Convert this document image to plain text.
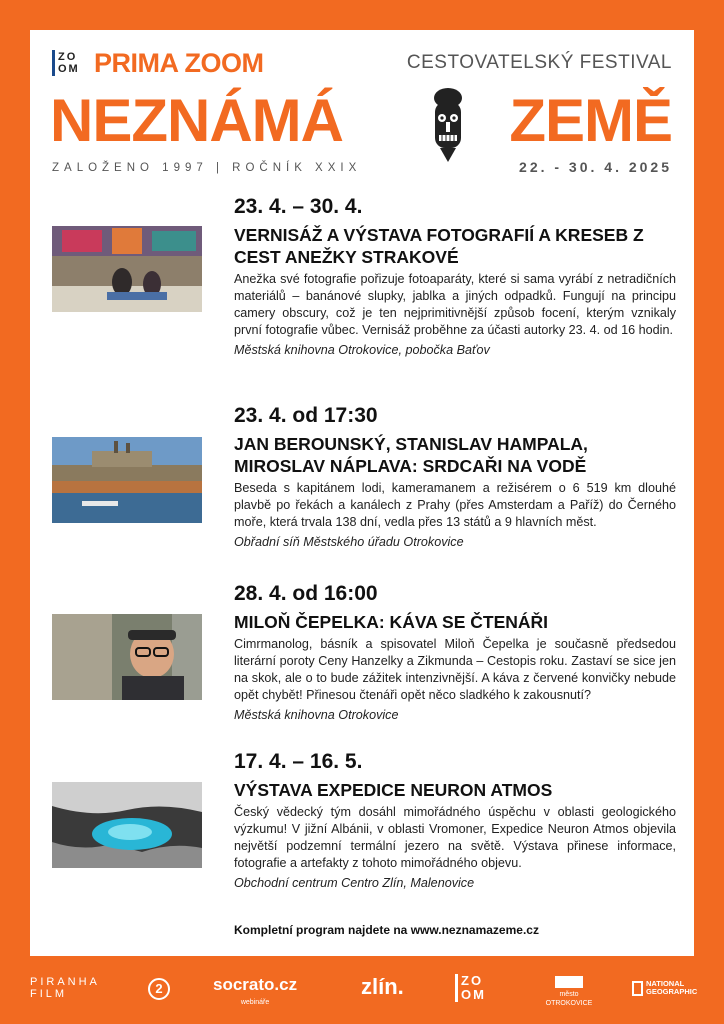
ZOOM PRIMA ZOOM	CESTOVATELSKÝ FESTIVAL
NEZNÁMÁ	ZEMĚ
ZALOŽENO 1997 | ROČNÍK XXIX	22. - 30. 4. 2025
23. 4. – 30. 4.
VERNISÁŽ A VÝSTAVA FOTOGRAFIÍ A KRESEB Z CEST ANEŽKY STRAKOVÉ
Anežka své fotografie pořizuje fotoaparáty, které si sama vyrábí z netradičních materiálů – banánové slupky, jablka a jiných odpadků. Fungují na principu camery obscury, což je ten nejprimitivnější způsob focení, kterým vznikaly první fotografie vůbec. Vernisáž proběhne za účasti autorky 23. 4. od 16 hodin.
Městská knihovna Otrokovice, pobočka Baťov
23. 4. od 17:30
JAN BEROUNSKÝ, STANISLAV HAMPALA, MIROSLAV NÁPLAVA: SRDCAŘI NA VODĚ
Beseda s kapitánem lodi, kameramanem a režisérem o 6 519 km dlouhé plavbě po řekách a kanálech z Prahy (přes Amsterdam a Paříž) do Černého moře, která trvala 138 dní, vedla přes 13 států a 9 hlavních měst.
Obřadní síň Městského úřadu Otrokovice
28. 4. od 16:00
MILOŇ ČEPELKA: KÁVA SE ČTENÁŘI
Cimrmanolog, básník a spisovatel Miloň Čepelka je současně předsedou literární poroty Ceny Hanzelky a Zikmunda – Cestopis roku. Zastaví se sice jen na skok, ale o to bude zážitek intenzivnější. A káva z červené konvičky nebude opět chybět! Přinesou čtenáři opět něco sladkého k zakousnutí?
Městská knihovna Otrokovice
17. 4. – 16. 5.
VÝSTAVA EXPEDICE NEURON ATMOS
Český vědecký tým dosáhl mimořádného úspěchu v oblasti geologického výzkumu! V jižní Albánii, v oblasti Vromoner, Expedice Neuron Atmos objevila největší podzemní termální jezero na světě. Výstava přinese informace, fotografie a artefakty z tohoto mimořádného objevu.
Obchodní centrum Centro Zlín, Malenovice
Kompletní program najdete na www.neznamazeme.cz
PIRANHA
FILM	2	socrato.cz
webináře
zlín.	ZOOM	město OTROKOVICE
NATIONAL
GEOGRAPHIC
